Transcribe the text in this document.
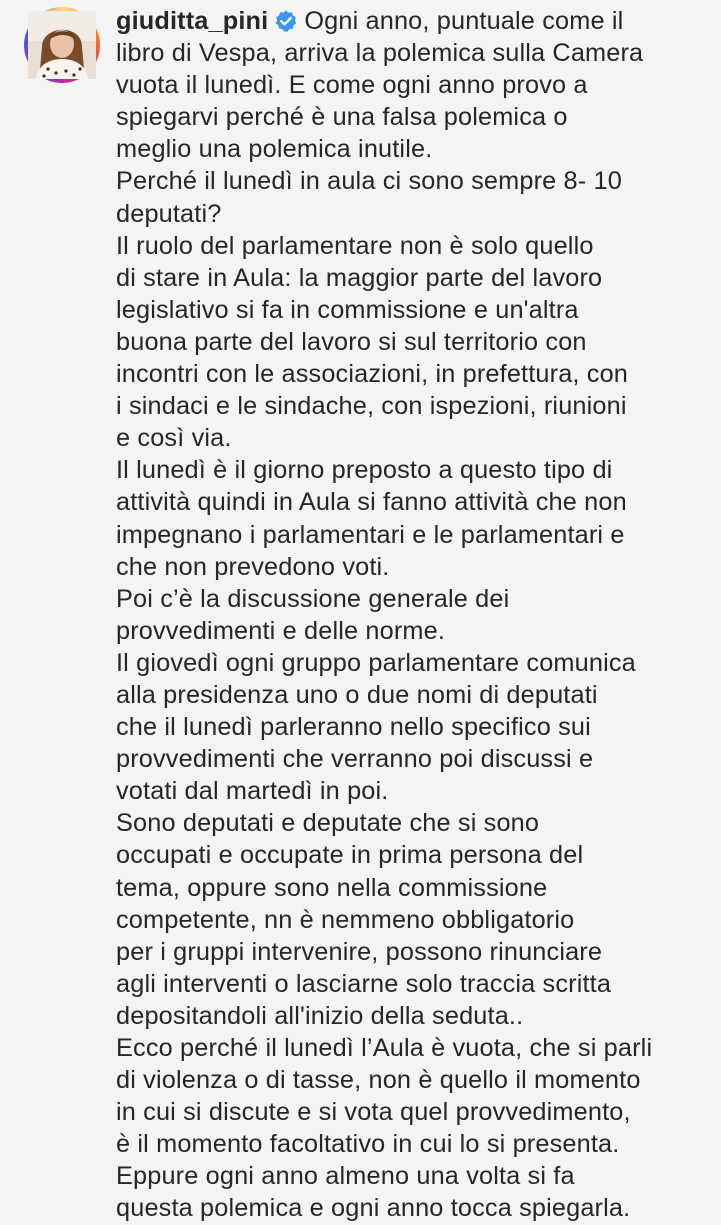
giuditta_pini Ogni anno, puntuale come il
libro di Vespa, arriva la polemica sulla Camera
vuota il lunedì. E come ogni anno provo a
spiegarvi perché è una falsa polemica o
meglio una polemica inutile.
Perché il lunedì in aula ci sono sempre 8- 10
deputati?
Il ruolo del parlamentare non è solo quello
di stare in Aula: la maggior parte del lavoro
legislativo si fa in commissione e un'altra
buona parte del lavoro si sul territorio con
incontri con le associazioni, in prefettura, con
i sindaci e le sindache, con ispezioni, riunioni
e così via.
Il lunedì è il giorno preposto a questo tipo di
attività quindi in Aula si fanno attività che non
impegnano i parlamentari e le parlamentari e
che non prevedono voti.
Poi c’è la discussione generale dei
provvedimenti e delle norme.
Il giovedì ogni gruppo parlamentare comunica
alla presidenza uno o due nomi di deputati
che il lunedì parleranno nello specifico sui
provvedimenti che verranno poi discussi e
votati dal martedì in poi.
Sono deputati e deputate che si sono
occupati e occupate in prima persona del
tema, oppure sono nella commissione
competente, nn è nemmeno obbligatorio
per i gruppi intervenire, possono rinunciare
agli interventi o lasciarne solo traccia scritta
depositandoli all'inizio della seduta..
Ecco perché il lunedì l’Aula è vuota, che si parli
di violenza o di tasse, non è quello il momento
in cui si discute e si vota quel provvedimento,
è il momento facoltativo in cui lo si presenta.
Eppure ogni anno almeno una volta si fa
questa polemica e ogni anno tocca spiegarla.
